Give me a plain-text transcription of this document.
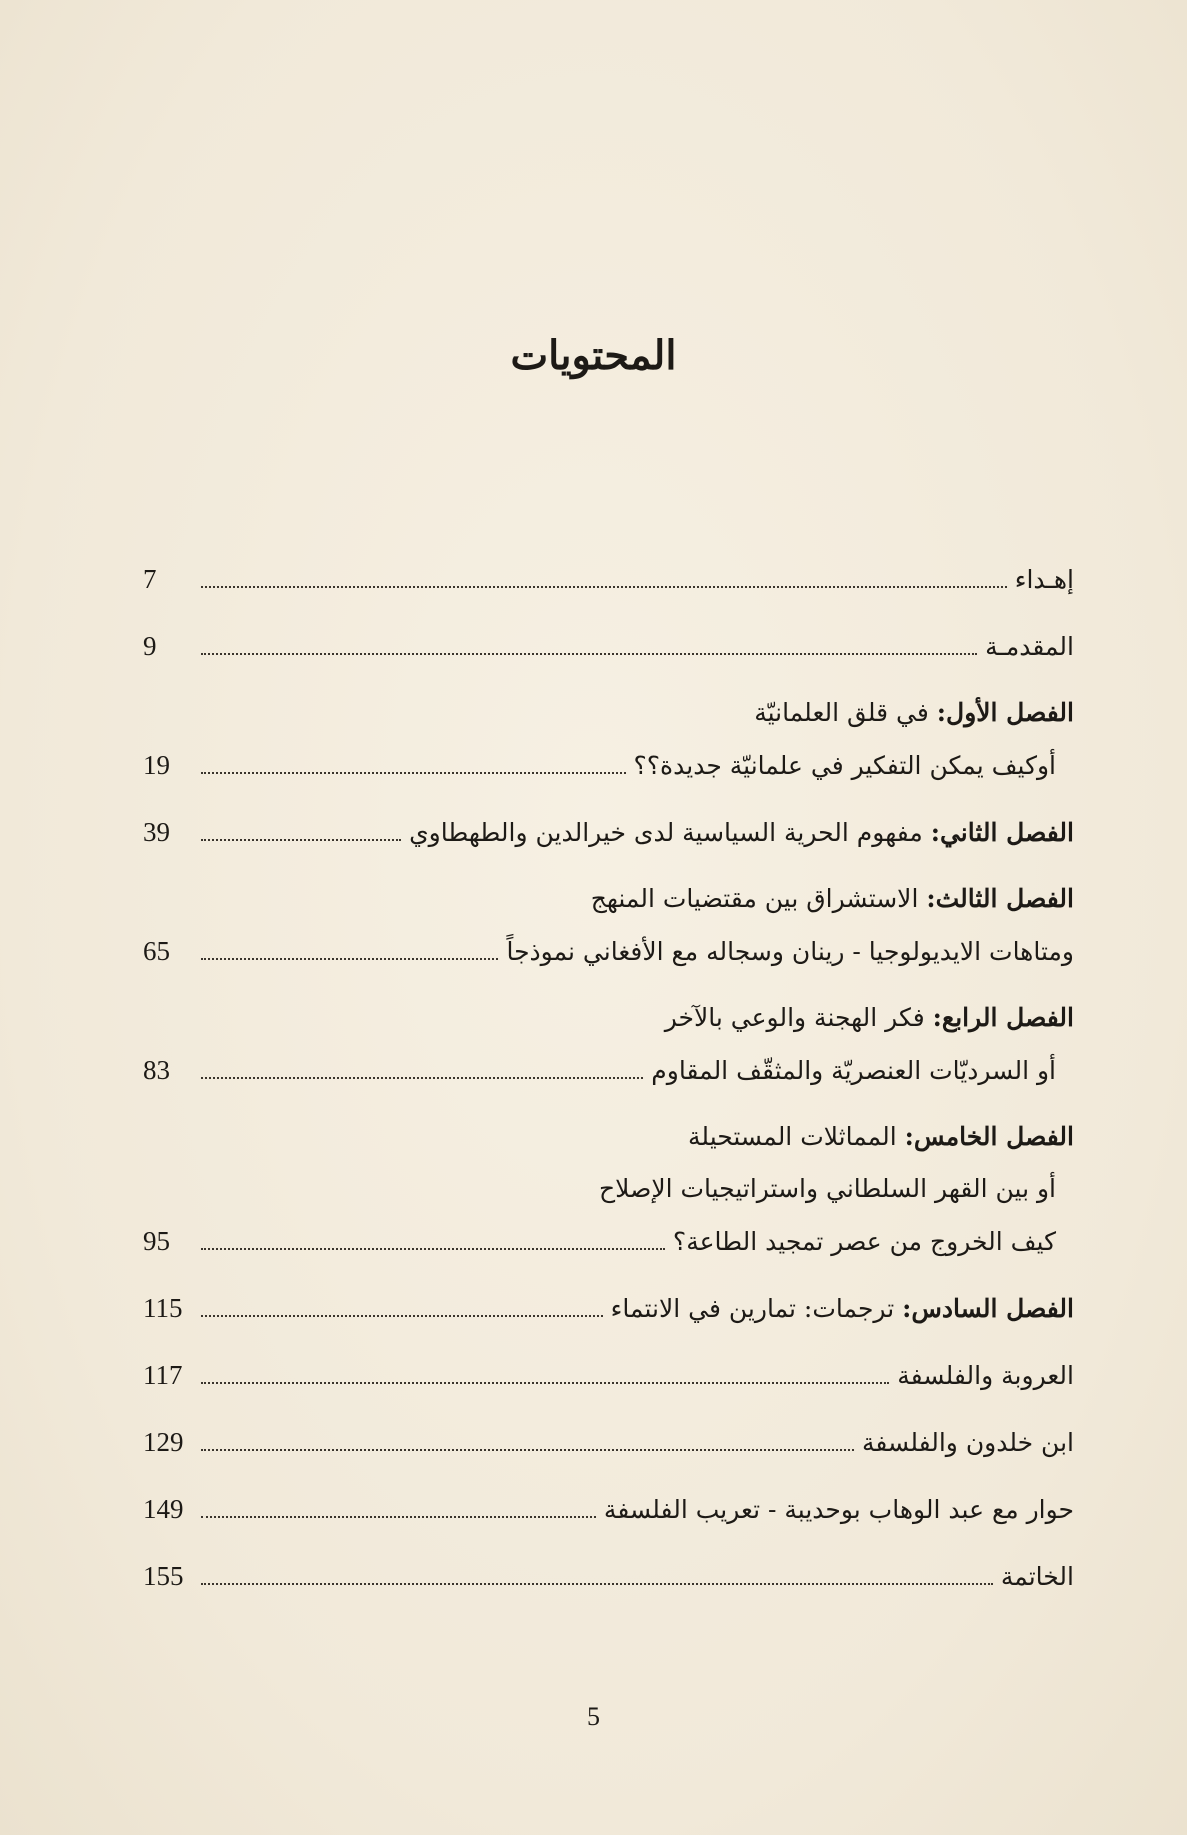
المحتويات
إهـداء
7
المقدمـة
9
الفصل الأول:

في قلق العلمانيّة
أوكيف يمكن التفكير في علمانيّة جديدة؟؟
19
الفصل الثاني:

مفهوم الحرية السياسية لدى خيرالدين والطهطاوي
39
الفصل الثالث:

الاستشراق بين مقتضيات المنهج
ومتاهات الايديولوجيا - رينان وسجاله مع الأفغاني نموذجاً
65
الفصل الرابع:

فكر الهجنة والوعي بالآخر
أو السرديّات العنصريّة والمثقّف المقاوم
83
الفصل الخامس:

المماثلات المستحيلة
أو بين القهر السلطاني واستراتيجيات الإصلاح
كيف الخروج من عصر تمجيد الطاعة؟
95
الفصل السادس:

ترجمات: تمارين في الانتماء
115
العروبة والفلسفة
117
ابن خلدون والفلسفة
129
حوار مع عبد الوهاب بوحديبة - تعريب الفلسفة
149
الخاتمة
155
5
